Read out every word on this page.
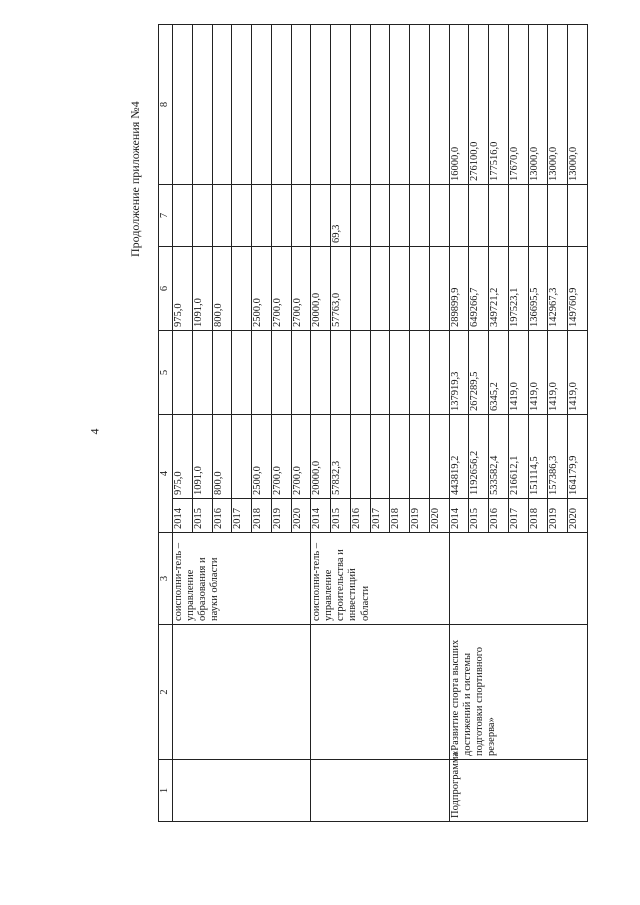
4
Продолжение приложения №4
1	2	3	4		5	6	7	8

		соисполни-тель – управление образования и науки области	2014	975,0		975,0		
			2015	1091,0		1091,0		
			2016	800,0		800,0		
			2017					
			2018	2500,0		2500,0		
			2019	2700,0		2700,0		
			2020	2700,0		2700,0		

		соисполни-тель – управление строительства и инвестиций области	2014	20000,0		20000,0		
			2015	57832,3		57763,0	69,3	
			2016					
			2017					
			2018					
			2019					
			2020					

Подпрограмма	«Развитие спорта высших достижений и системы подготовки спортивного резерва»		2014	443819,2	137919,3	289899,9		16000,0
			2015	1192656,2	267289,5	649266,7		276100,0
			2016	533582,4	6345,2	349721,2		177516,0
			2017	216612,1	1419,0	197523,1		17670,0
			2018	151114,5	1419,0	136695,5		13000,0
			2019	157386,3	1419,0	142967,3		13000,0
			2020	164179,9	1419,0	149760,9		13000,0
